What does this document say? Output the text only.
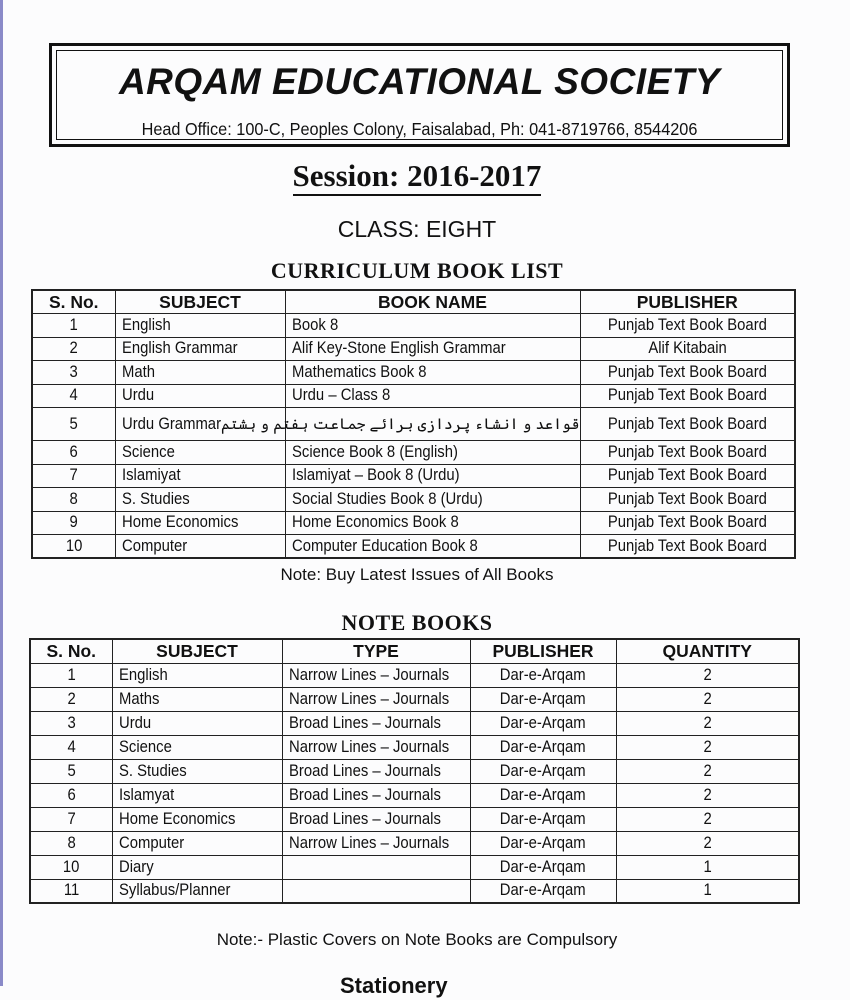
ARQAM EDUCATIONAL SOCIETY
Head Office: 100-C, Peoples Colony, Faisalabad, Ph: 041-8719766, 8544206
Session: 2016-2017
CLASS: EIGHT
CURRICULUM BOOK LIST
S. No.	SUBJECT	BOOK NAME	PUBLISHER
1	English	Book 8	Punjab Text Book Board
2	English Grammar	Alif Key-Stone English Grammar	Alif Kitabain
3	Math	Mathematics Book 8	Punjab Text Book Board
4	Urdu	Urdu – Class 8	Punjab Text Book Board
5	Urdu Grammar	قواعد و انشاء پردازی برائے جماعت ہفتم و ہشتم	Punjab Text Book Board
6	Science	Science Book 8 (English)	Punjab Text Book Board
7	Islamiyat	Islamiyat – Book 8 (Urdu)	Punjab Text Book Board
8	S. Studies	Social Studies Book 8 (Urdu)	Punjab Text Book Board
9	Home Economics	Home Economics Book 8	Punjab Text Book Board
10	Computer	Computer Education Book 8	Punjab Text Book Board
Note: Buy Latest Issues of All Books
NOTE BOOKS
S. No.	SUBJECT	TYPE	PUBLISHER	QUANTITY
1	English	Narrow Lines – Journals	Dar-e-Arqam	2
2	Maths	Narrow Lines – Journals	Dar-e-Arqam	2
3	Urdu	Broad Lines – Journals	Dar-e-Arqam	2
4	Science	Narrow Lines – Journals	Dar-e-Arqam	2
5	S. Studies	Broad Lines – Journals	Dar-e-Arqam	2
6	Islamyat	Broad Lines – Journals	Dar-e-Arqam	2
7	Home Economics	Broad Lines – Journals	Dar-e-Arqam	2
8	Computer	Narrow Lines – Journals	Dar-e-Arqam	2
10	Diary		Dar-e-Arqam	1
11	Syllabus/Planner		Dar-e-Arqam	1
Note:- Plastic Covers on Note Books are Compulsory
Stationery
